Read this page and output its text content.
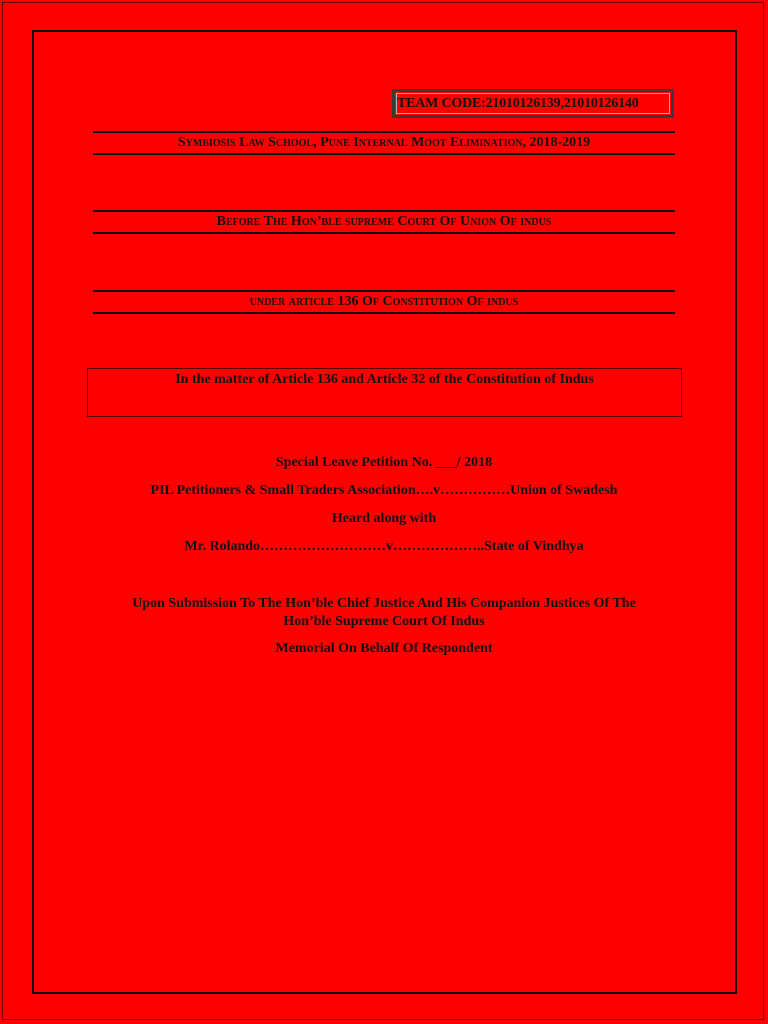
TEAM CODE:21010126139,21010126140
Symbiosis Law School, Pune Internal Moot Elimination, 2018-2019
Before The Hon’ble supreme Court Of Union Of indus
under article 136 Of Constitution Of indus
In the matter of Article 136 and Article 32 of the Constitution of Indus
Special Leave Petition No. ___/ 2018
PIL Petitioners & Small Traders Association….v……………Union of Swadesh
Heard along with
Mr. Rolando………………………v………………..State of Vindhya
Upon Submission To The Hon’ble Chief Justice And His Companion Justices Of The
Hon’ble Supreme Court Of Indus
Memorial On Behalf Of Respondent
